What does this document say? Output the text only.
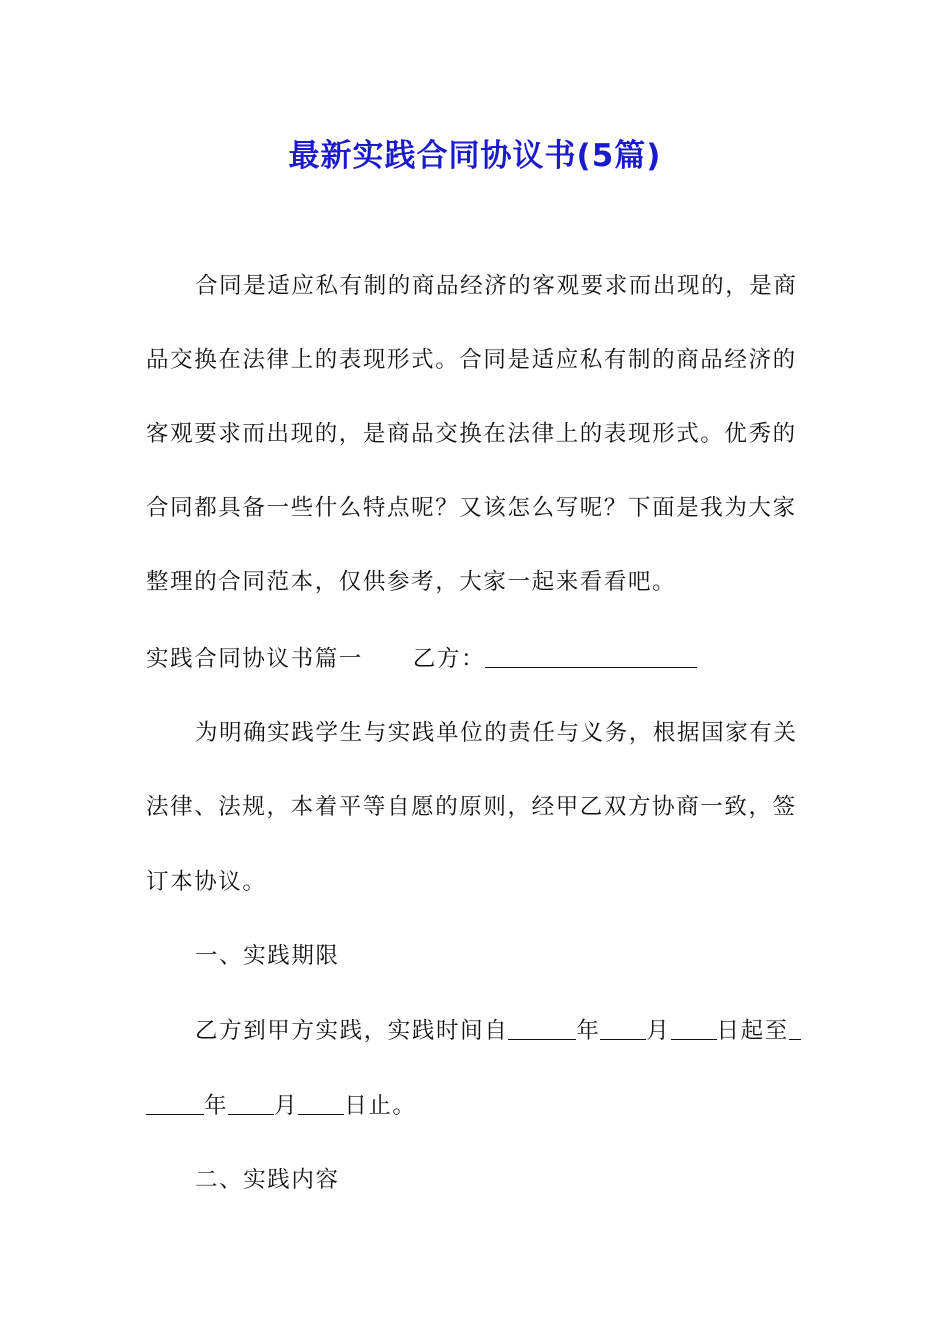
最新实践合同协议书(5篇)
合同是适应私有制的商品经济的客观要求而出现的，是商
品交换在法律上的表现形式。合同是适应私有制的商品经济的
客观要求而出现的，是商品交换在法律上的表现形式。优秀的
合同都具备一些什么特点呢？又该怎么写呢？下面是我为大家
整理的合同范本，仅供参考，大家一起来看看吧。
实践合同协议书篇一 乙方：
为明确实践学生与实践单位的责任与义务，根据国家有关
法律、法规，本着平等自愿的原则，经甲乙双方协商一致，签
订本协议。
一、实践期限
乙方到甲方实践，实践时间自	年 月 日起至
年 月 日止。
二、实践内容
